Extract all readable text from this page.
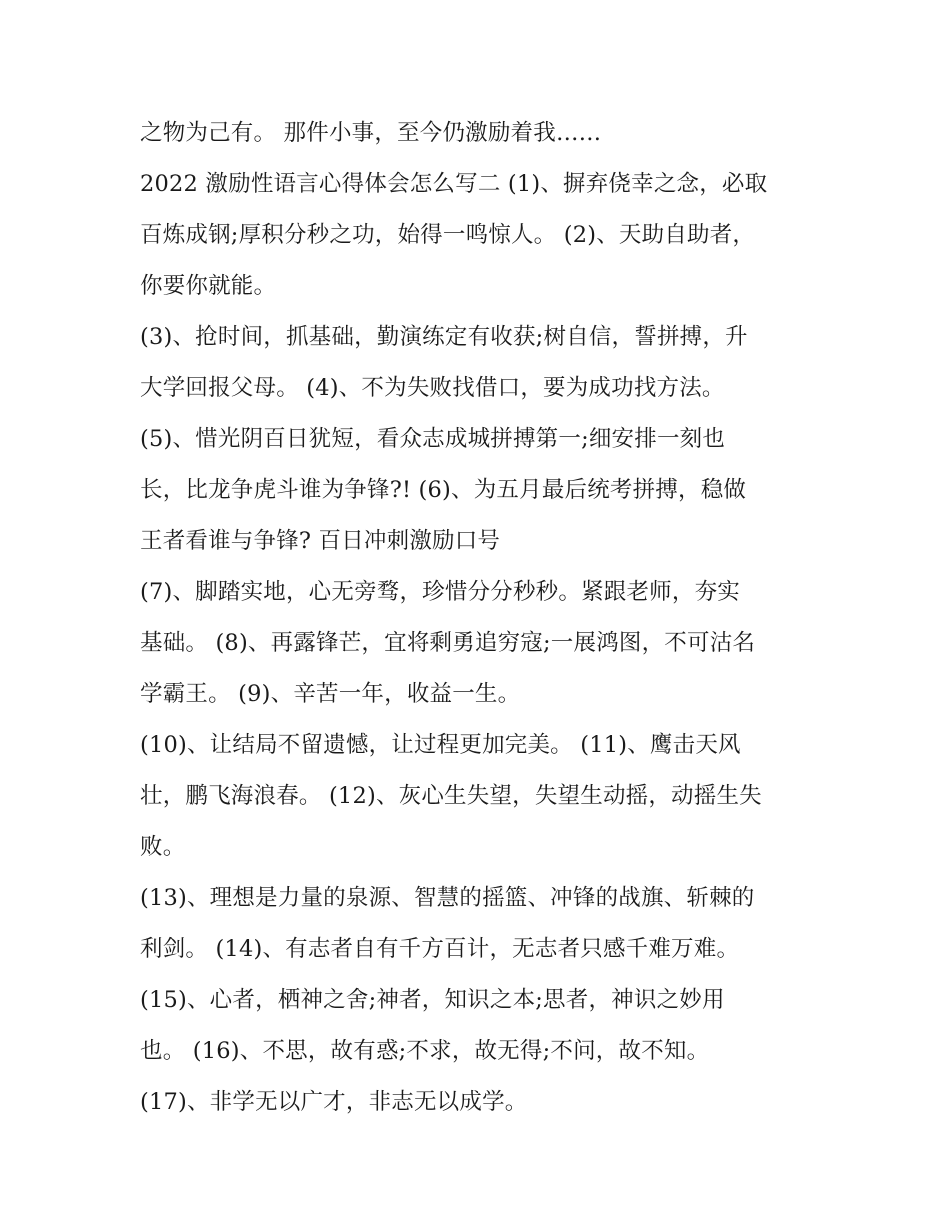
之物为己有。 那件小事，至今仍激励着我……
2022 激励性语言心得体会怎么写二 (1)、摒弃侥幸之念，必取
百炼成钢;厚积分秒之功，始得一鸣惊人。 (2)、天助自助者，
你要你就能。
(3)、抢时间，抓基础，勤演练定有收获;树自信，誓拼搏，升
大学回报父母。 (4)、不为失败找借口，要为成功找方法。
(5)、惜光阴百日犹短，看众志成城拼搏第一;细安排一刻也
长，比龙争虎斗谁为争锋?! (6)、为五月最后统考拼搏，稳做
王者看谁与争锋? 百日冲刺激励口号
(7)、脚踏实地，心无旁骛，珍惜分分秒秒。紧跟老师，夯实
基础。 (8)、再露锋芒，宜将剩勇追穷寇;一展鸿图，不可沽名
学霸王。 (9)、辛苦一年，收益一生。
(10)、让结局不留遗憾，让过程更加完美。 (11)、鹰击天风
壮，鹏飞海浪春。 (12)、灰心生失望，失望生动摇，动摇生失
败。
(13)、理想是力量的泉源、智慧的摇篮、冲锋的战旗、斩棘的
利剑。 (14)、有志者自有千方百计，无志者只感千难万难。
(15)、心者，栖神之舍;神者，知识之本;思者，神识之妙用
也。 (16)、不思，故有惑;不求，故无得;不问，故不知。
(17)、非学无以广才，非志无以成学。
